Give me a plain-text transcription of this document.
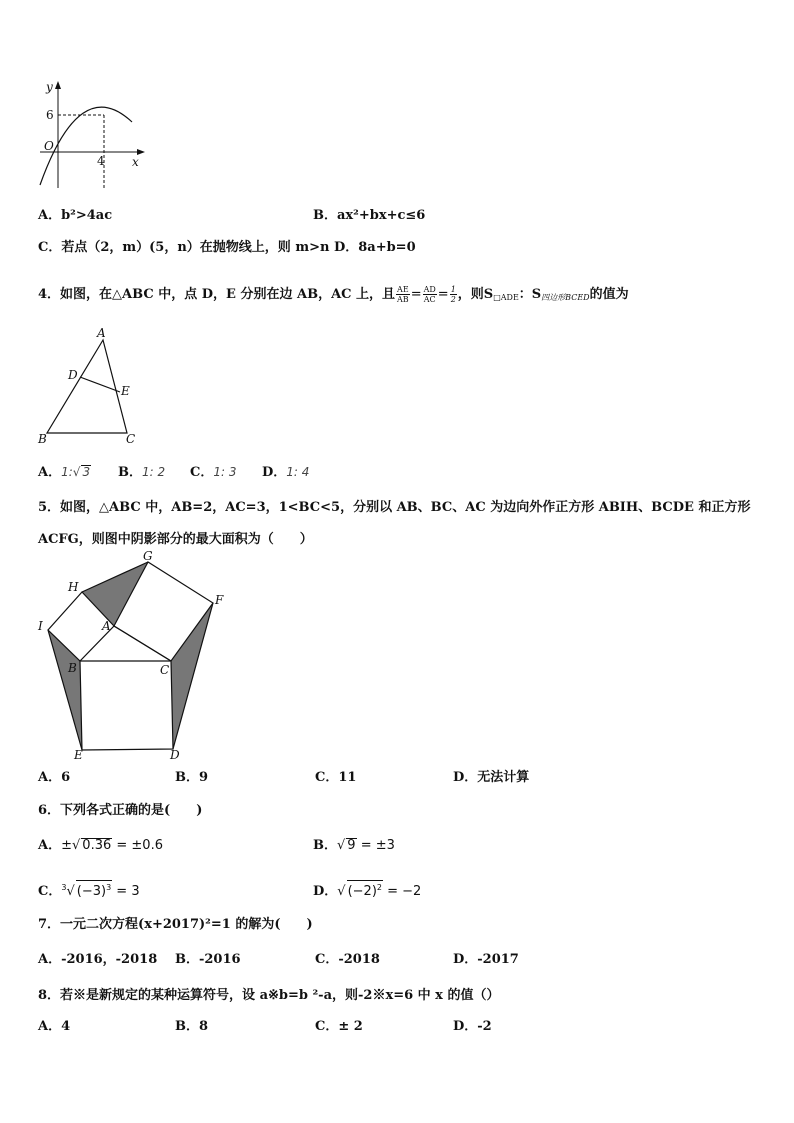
y
6
O
4 x
A．b²>4ac	B．ax²+bx+c≤6
C．若点（2，m）(5，n）在抛物线上，则 m>n D．8a+b=0
4．如图，在△ABC 中，点 D，E 分别在边 AB，AC 上，且 $\frac{AE}{AB} = \frac{AD}{AC} = \frac{1}{2}$ ，则$S_{□ADE}$：$S_{四边形BCED}$的值为
A
D
E
B	C
A．1:√ 3 B．1: 2 C．1: 3 D．1: 4
5．如图，△ABC 中，AB=2，AC=3，1<BC<5，分别以 AB、BC、AC 为边向外作正方形 ABIH、BCDE 和正方形
ACFG，则图中阴影部分的最大面积为（　　）
G
H
F
I	A
B	C
E	D
A．6	B．9	C．11	D．无法计算
6．下列各式正确的是(　　)
A．±√ 0.36 = ±0.6	B．√ 9 = ±3
C．$^3$√ $(-3)^3 = 3$	D．√ $(-2)^2 = -2$
7．一元二次方程(x+2017)²=1 的解为(　　)
A．-2016，-2018 B．-2016	C．-2018	D．-2017
8．若※是新规定的某种运算符号，设 a※b=b ²-a，则-2※x=6 中 x 的值（）
A．4	B．8	C．± 2	D．-2
